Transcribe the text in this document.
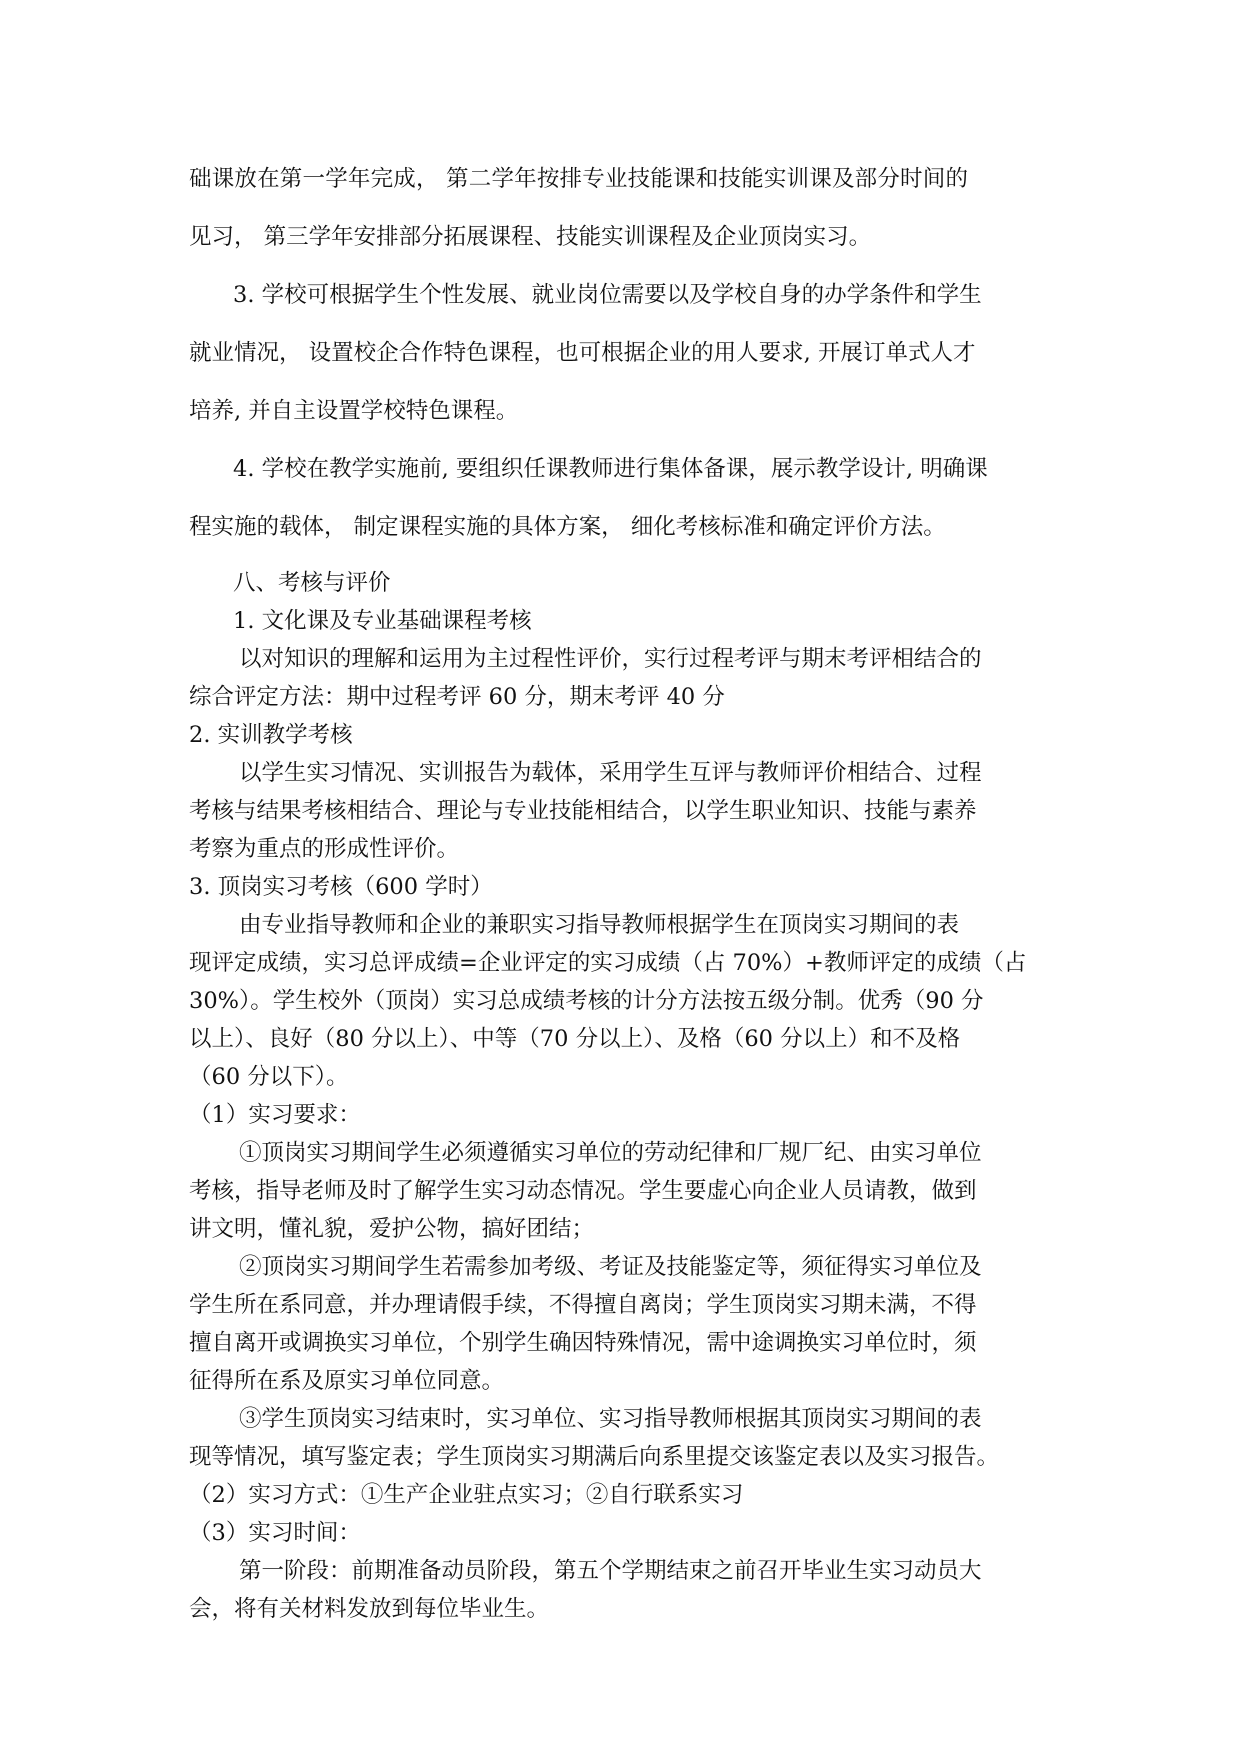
础课放在第一学年完成， 第二学年按排专业技能课和技能实训课及部分时间的

见习， 第三学年安排部分拓展课程、技能实训课程及企业顶岗实习。

3. 学校可根据学生个性发展、就业岗位需要以及学校自身的办学条件和学生

就业情况， 设置校企合作特色课程，也可根据企业的用人要求, 开展订单式人才

培养, 并自主设置学校特色课程。

4. 学校在教学实施前, 要组织任课教师进行集体备课，展示教学设计, 明确课

程实施的载体， 制定课程实施的具体方案， 细化考核标准和确定评价方法。

八、考核与评价

1. 文化课及专业基础课程考核

以对知识的理解和运用为主过程性评价，实行过程考评与期末考评相结合的

综合评定方法：期中过程考评 60 分，期末考评 40 分

2. 实训教学考核

以学生实习情况、实训报告为载体，采用学生互评与教师评价相结合、过程

考核与结果考核相结合、理论与专业技能相结合，以学生职业知识、技能与素养

考察为重点的形成性评价。

3. 顶岗实习考核（600 学时）

由专业指导教师和企业的兼职实习指导教师根据学生在顶岗实习期间的表

现评定成绩，实习总评成绩=企业评定的实习成绩（占 70%）+教师评定的成绩（占

30%）。学生校外（顶岗）实习总成绩考核的计分方法按五级分制。优秀（90 分

以上）、良好（80 分以上）、中等（70 分以上）、及格（60 分以上）和不及格

（60 分以下）。

（1）实习要求：

①顶岗实习期间学生必须遵循实习单位的劳动纪律和厂规厂纪、由实习单位

考核，指导老师及时了解学生实习动态情况。学生要虚心向企业人员请教，做到

讲文明，懂礼貌，爱护公物，搞好团结；

②顶岗实习期间学生若需参加考级、考证及技能鉴定等，须征得实习单位及

学生所在系同意，并办理请假手续，不得擅自离岗；学生顶岗实习期未满，不得

擅自离开或调换实习单位，个别学生确因特殊情况，需中途调换实习单位时，须

征得所在系及原实习单位同意。

③学生顶岗实习结束时，实习单位、实习指导教师根据其顶岗实习期间的表

现等情况，填写鉴定表；学生顶岗实习期满后向系里提交该鉴定表以及实习报告。

（2）实习方式：①生产企业驻点实习；②自行联系实习

（3）实习时间：

第一阶段：前期准备动员阶段，第五个学期结束之前召开毕业生实习动员大

会，将有关材料发放到每位毕业生。
